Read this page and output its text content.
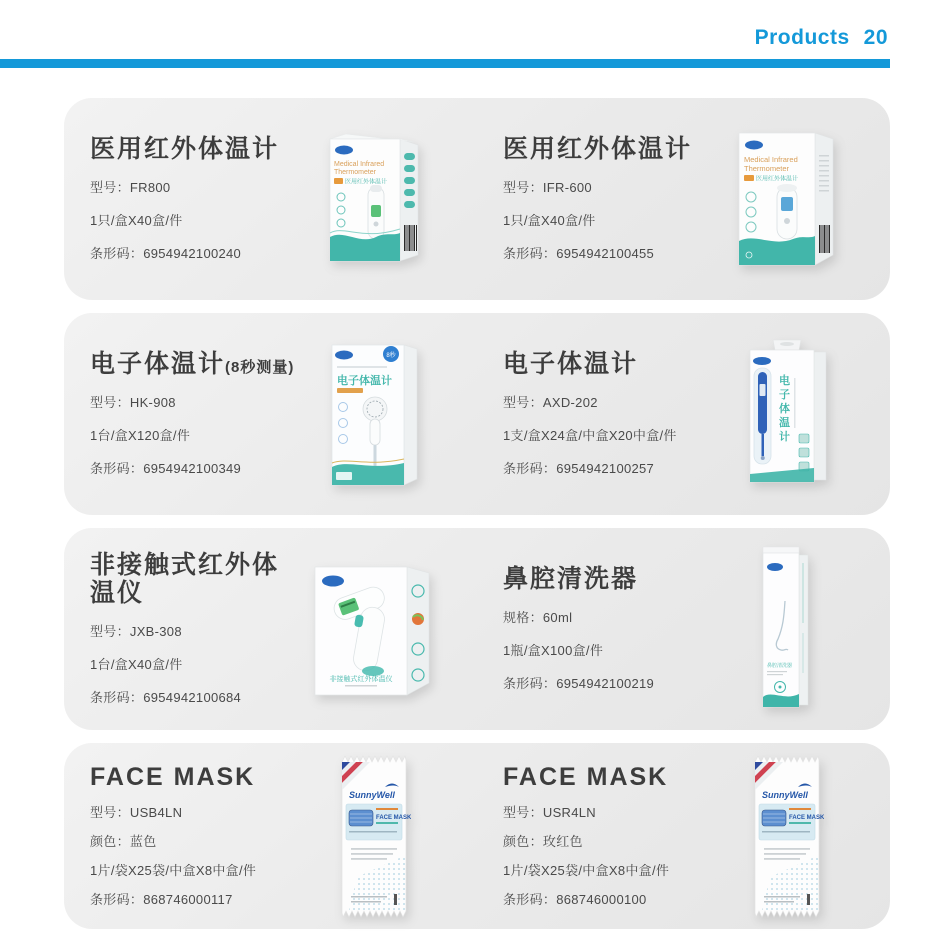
Products 20
医用红外体温计
型号：FR800
1只/盒X40盒/件
条形码：6954942100240
Medical Infrared
Thermometer
医用红外体温计
医用红外体温计
型号：IFR-600
1只/盒X40盒/件
条形码：6954942100455
Medical Infrared
Thermometer
医用红外体温计
电子体温计(8秒测量)
型号：HK-908
1台/盒X120盒/件
条形码：6954942100349
8秒
电子体温计
电子体温计
型号：AXD-202
1支/盒X24盒/中盒X20中盒/件
条形码：6954942100257
电
子
体
温
计
非接触式红外体温仪
型号：JXB-308
1台/盒X40盒/件
条形码：6954942100684
非接触式红外体温仪
鼻腔清洗器
规格：60ml
1瓶/盒X100盒/件
条形码：6954942100219
鼻腔清洗器
FACE MASK
型号：USB4LN
颜色：蓝色
1片/袋X25袋/中盒X8中盒/件
条形码：868746000117
SunnyWell
FACE MASK
FACE MASK
型号：USR4LN
颜色：玫红色
1片/袋X25袋/中盒X8中盒/件
条形码：868746000100
SunnyWell
FACE MASK
